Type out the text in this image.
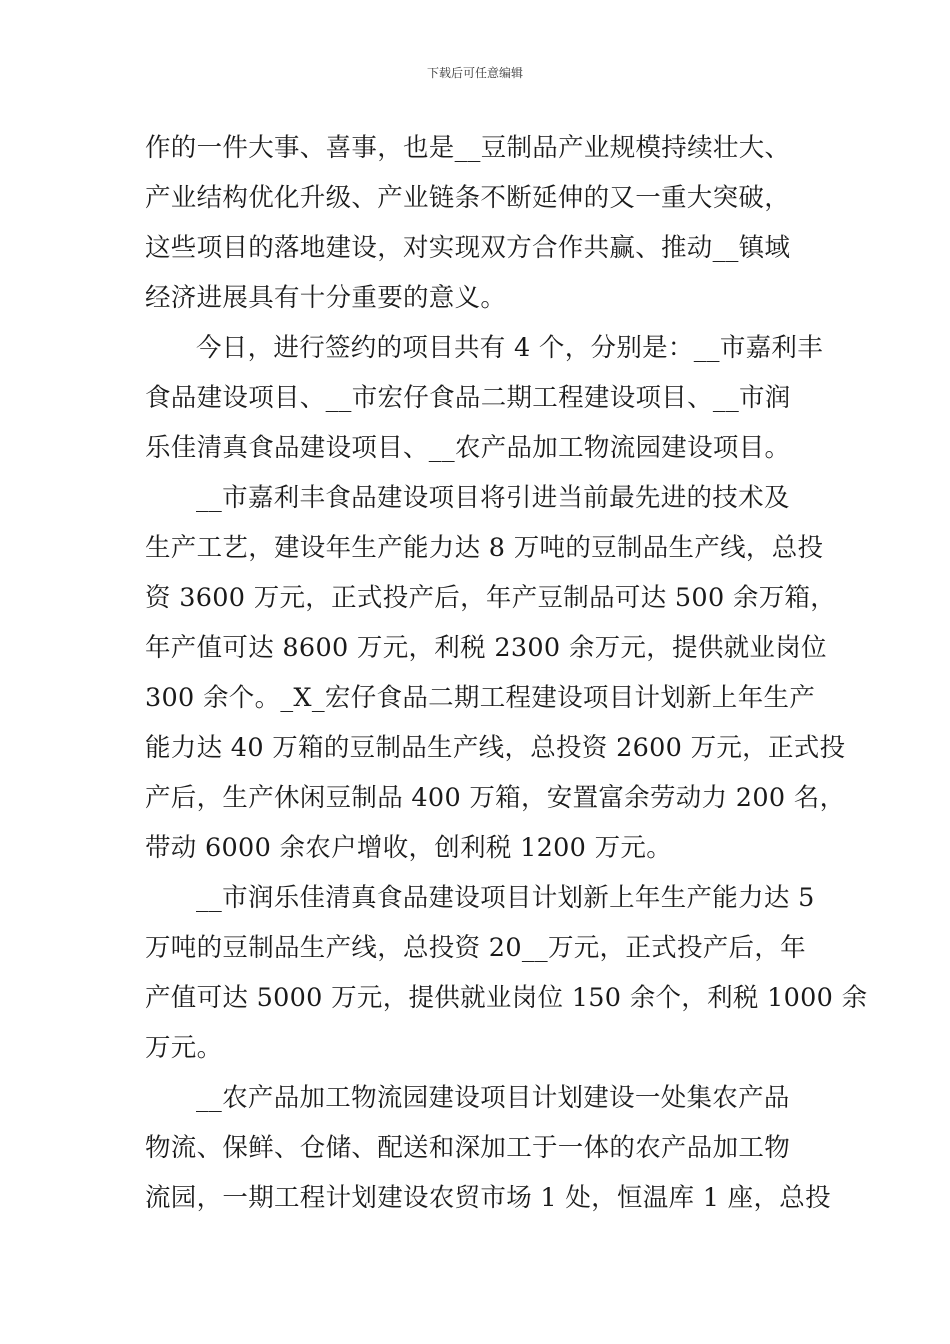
下载后可任意编辑
作的一件大事、喜事，也是__豆制品产业规模持续壮大、
产业结构优化升级、产业链条不断延伸的又一重大突破，
这些项目的落地建设，对实现双方合作共赢、推动__镇域
经济进展具有十分重要的意义。
今日，进行签约的项目共有 4 个，分别是：__市嘉利丰
食品建设项目、__市宏仔食品二期工程建设项目、__市润
乐佳清真食品建设项目、__农产品加工物流园建设项目。
__市嘉利丰食品建设项目将引进当前最先进的技术及
生产工艺，建设年生产能力达 8 万吨的豆制品生产线，总投
资 3600 万元，正式投产后，年产豆制品可达 500 余万箱，
年产值可达 8600 万元，利税 2300 余万元，提供就业岗位
300 余个。_X_宏仔食品二期工程建设项目计划新上年生产
能力达 40 万箱的豆制品生产线，总投资 2600 万元，正式投
产后，生产休闲豆制品 400 万箱，安置富余劳动力 200 名，
带动 6000 余农户增收，创利税 1200 万元。
__市润乐佳清真食品建设项目计划新上年生产能力达 5
万吨的豆制品生产线，总投资 20__万元，正式投产后，年
产值可达 5000 万元，提供就业岗位 150 余个，利税 1000 余
万元。
__农产品加工物流园建设项目计划建设一处集农产品
物流、保鲜、仓储、配送和深加工于一体的农产品加工物
流园，一期工程计划建设农贸市场 1 处，恒温库 1 座，总投
